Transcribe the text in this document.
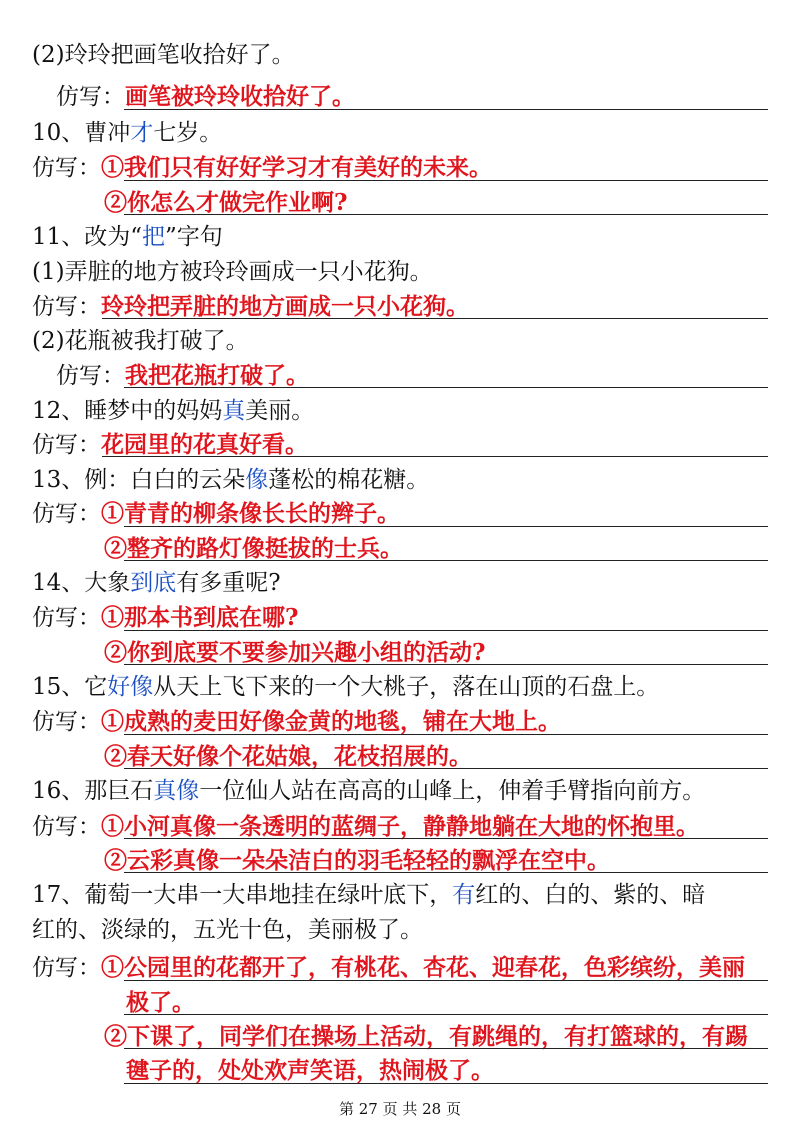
(2)玲玲把画笔收拾好了。
仿写：画笔被玲玲收拾好了。
10、曹冲才七岁。
仿写：①我们只有好好学习才有美好的未来。
②你怎么才做完作业啊?
11、改为“把”字句
(1)弄脏的地方被玲玲画成一只小花狗。
仿写：玲玲把弄脏的地方画成一只小花狗。
(2)花瓶被我打破了。
仿写：我把花瓶打破了。
12、睡梦中的妈妈真美丽。
仿写：花园里的花真好看。
13、例：白白的云朵像蓬松的棉花糖。
仿写：①青青的柳条像长长的辫子。
②整齐的路灯像挺拔的士兵。
14、大象到底有多重呢?
仿写：①那本书到底在哪?
②你到底要不要参加兴趣小组的活动?
15、它好像从天上飞下来的一个大桃子，落在山顶的石盘上。
仿写：①成熟的麦田好像金黄的地毯，铺在大地上。
②春天好像个花姑娘，花枝招展的。
16、那巨石真像一位仙人站在高高的山峰上，伸着手臂指向前方。
仿写：①小河真像一条透明的蓝绸子，静静地躺在大地的怀抱里。
②云彩真像一朵朵洁白的羽毛轻轻的飘浮在空中。
17、葡萄一大串一大串地挂在绿叶底下，有红的、白的、紫的、暗
红的、淡绿的，五光十色，美丽极了。
仿写：①公园里的花都开了，有桃花、杏花、迎春花，色彩缤纷，美丽
极了。
②下课了，同学们在操场上活动，有跳绳的，有打篮球的，有踢
毽子的，处处欢声笑语，热闹极了。
第 27 页 共 28 页
